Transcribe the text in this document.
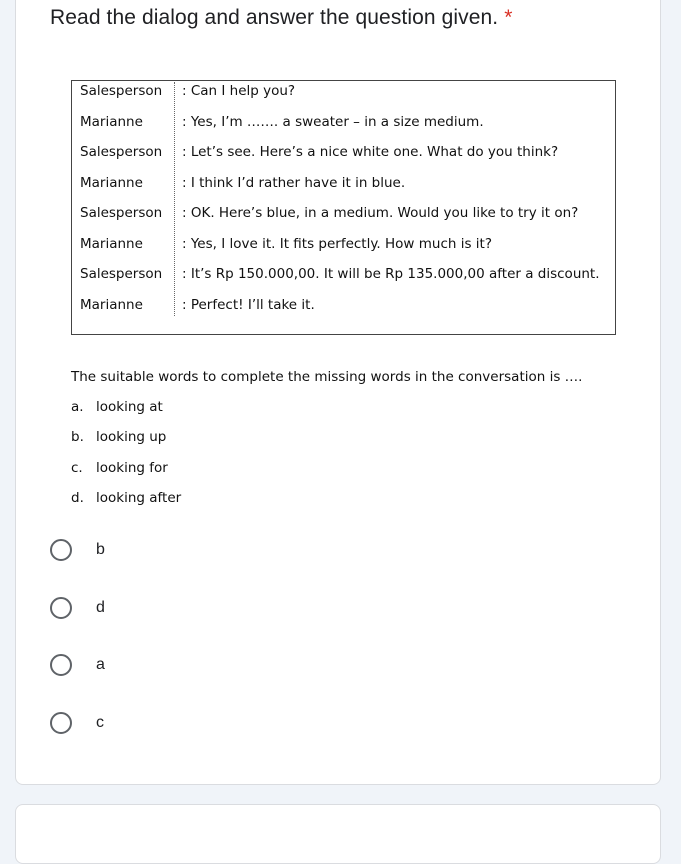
Read the dialog and answer the question given. *
Salesperson : Can I help you?
Marianne	: Yes, I’m ……. a sweater – in a size medium.
Salesperson : Let’s see. Here’s a nice white one. What do you think?
Marianne	: I think I’d rather have it in blue.
Salesperson : OK. Here’s blue, in a medium. Would you like to try it on?
Marianne	: Yes, I love it. It fits perfectly. How much is it?
Salesperson : It’s Rp 150.000,00. It will be Rp 135.000,00 after a discount.
Marianne	: Perfect! I’ll take it.
The suitable words to complete the missing words in the conversation is ….
a. looking at
b. looking up
c. looking for
d. looking after
b
d
a
c
